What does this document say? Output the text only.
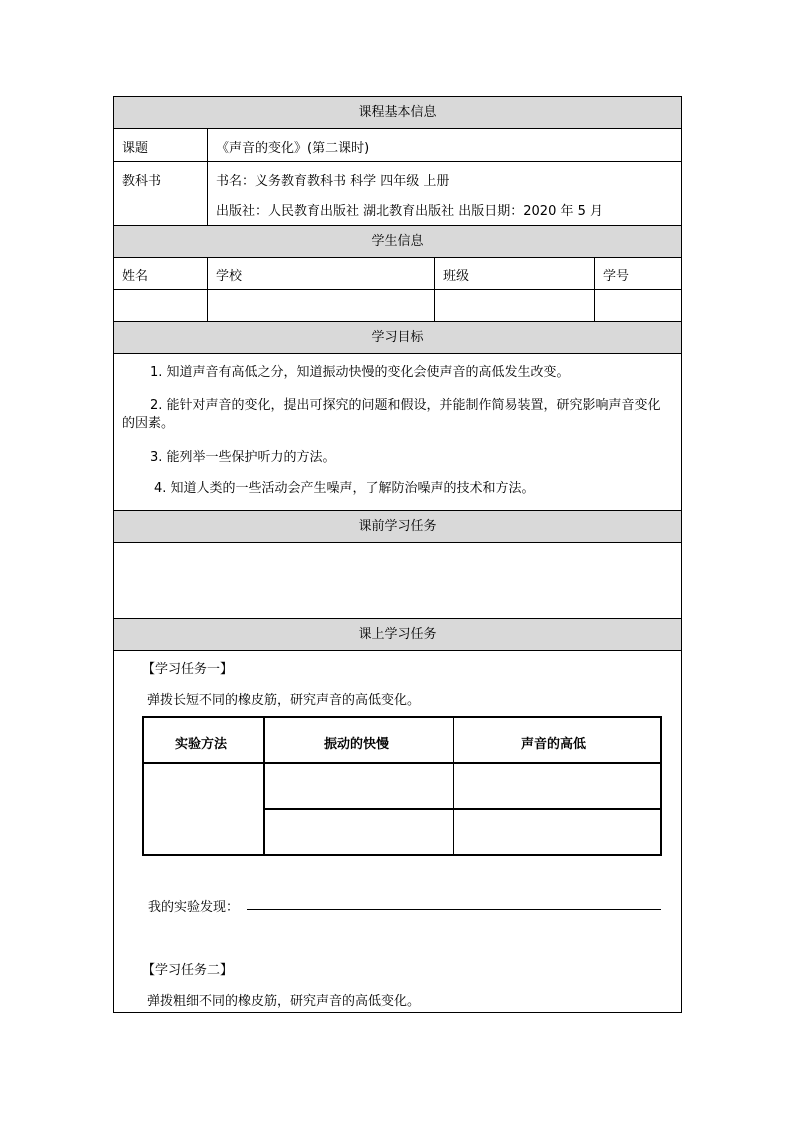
课程基本信息
课题	《声音的变化》(第二课时)
教科书	书名：义务教育教科书 科学 四年级 上册
出版社：人民教育出版社 湖北教育出版社 出版日期：2020 年 5 月
学生信息
姓名	学校	班级	学号
学习目标
1. 知道声音有高低之分，知道振动快慢的变化会使声音的高低发生改变。
2. 能针对声音的变化，提出可探究的问题和假设，并能制作简易装置，研究影响声音变化的因素。
3. 能列举一些保护听力的方法。
4. 知道人类的一些活动会产生噪声，了解防治噪声的技术和方法。
课前学习任务
课上学习任务
【学习任务一】
弹拨长短不同的橡皮筋，研究声音的高低变化。
实验方法	振动的快慢	声音的高低
我的实验发现：
【学习任务二】
弹拨粗细不同的橡皮筋，研究声音的高低变化。
